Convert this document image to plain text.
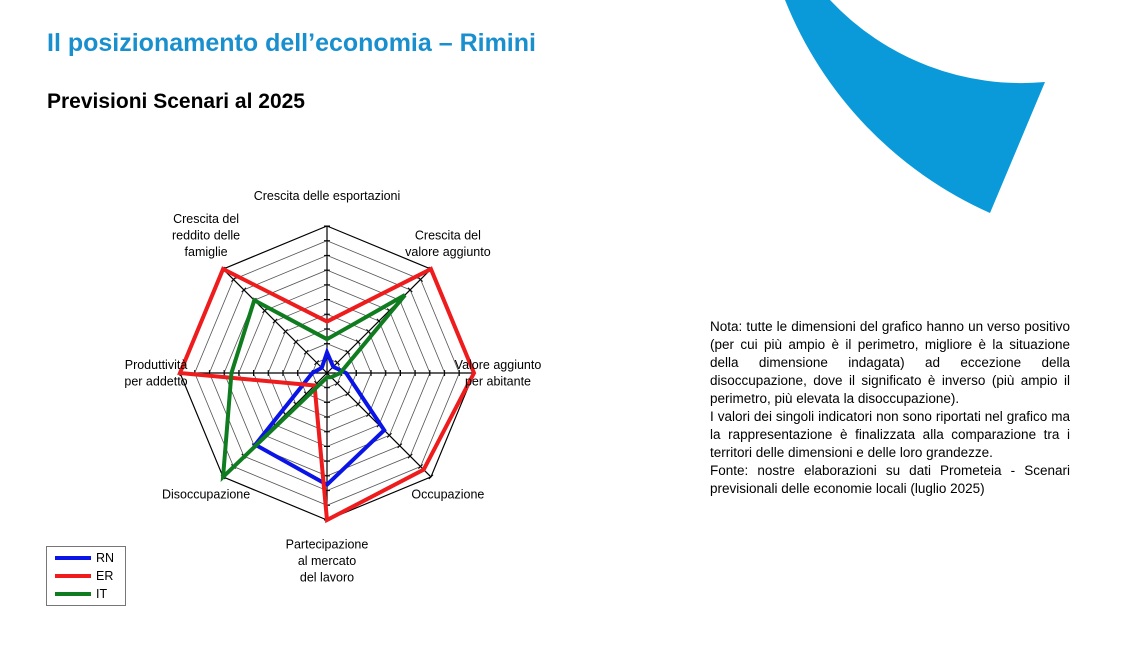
Il posizionamento dell’economia – Rimini
Previsioni Scenari al 2025
Crescita delle esportazioni
Crescita del valore aggiunto
Valore aggiunto per abitante
Occupazione
Partecipazione al mercato del lavoro
Disoccupazione
Produttività per addetto
Crescita del reddito delle famiglie
RN
ER
IT

Nota: tutte le dimensioni del grafico hanno un verso positivo (per cui più ampio è il perimetro, migliore è la situazione della dimensione indagata) ad eccezione della disoccupazione, dove il significato è inverso (più ampio il perimetro, più elevata la disoccupazione).

I valori dei singoli indicatori non sono riportati nel grafico ma la rappresentazione è finalizzata alla comparazione tra i territori delle dimensioni e delle loro grandezze.

Fonte: nostre elaborazioni su dati Prometeia - Scenari previsionali delle economie locali (luglio 2025)
